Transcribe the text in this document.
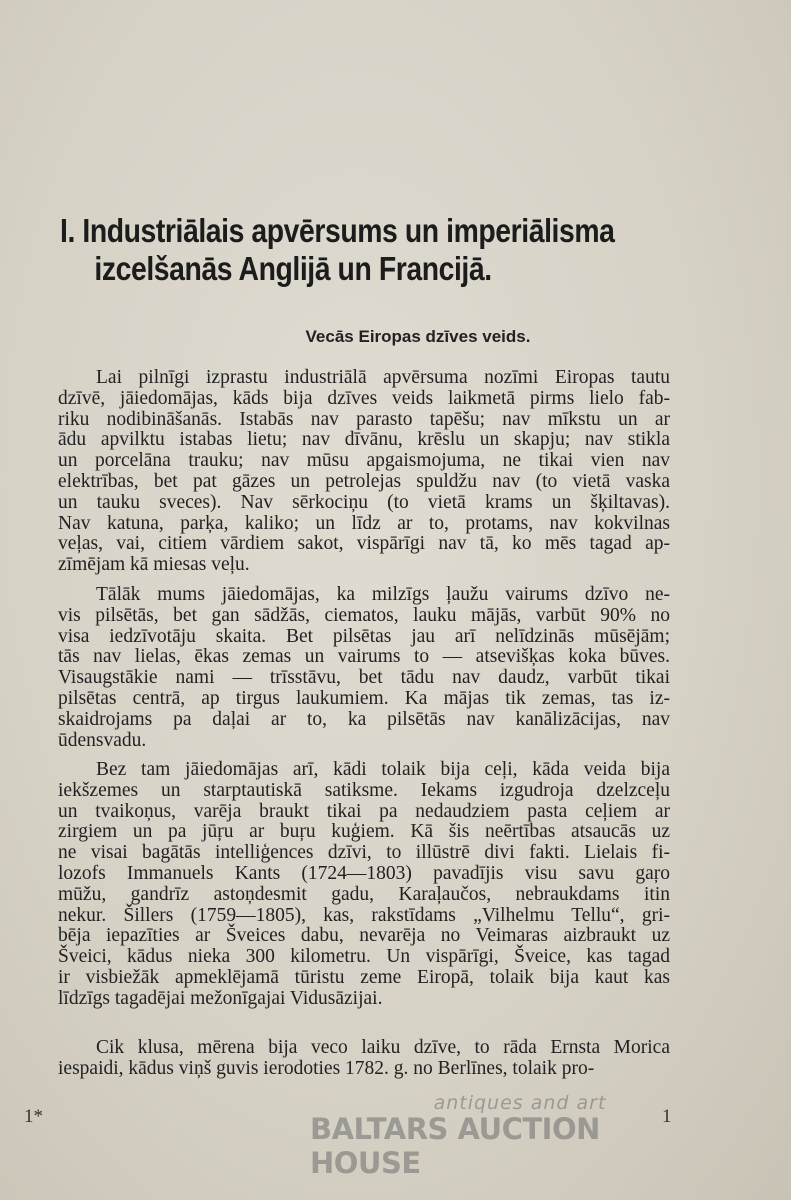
I. Industriālais apvērsums un imperiālisma
izcelšanās Anglijā un Francijā.
Vecās Eiropas dzīves veids.
Lai pilnīgi izprastu industriālā apvērsuma nozīmi Eiropas tautu
dzīvē, jāiedomājas, kāds bija dzīves veids laikmetā pirms lielo fab-
riku nodibināšanās. Istabās nav parasto tapēšu; nav mīkstu un ar
ādu apvilktu istabas lietu; nav dīvānu, krēslu un skapju; nav stikla
un porcelāna trauku; nav mūsu apgaismojuma, ne tikai vien nav
elektrības, bet pat gāzes un petrolejas spuldžu nav (to vietā vaska
un tauku sveces). Nav sērkociņu (to vietā krams un šķiltavas).
Nav katuna, parķa, kaliko; un līdz ar to, protams, nav kokvilnas
veļas, vai, citiem vārdiem sakot, vispārīgi nav tā, ko mēs tagad ap-
zīmējam kā miesas veļu.
Tālāk mums jāiedomājas, ka milzīgs ļaužu vairums dzīvo ne-
vis pilsētās, bet gan sādžās, ciematos, lauku mājās, varbūt 90% no
visa iedzīvotāju skaita. Bet pilsētas jau arī nelīdzinās mūsējām;
tās nav lielas, ēkas zemas un vairums to — atsevišķas koka būves.
Visaugstākie nami — trīsstāvu, bet tādu nav daudz, varbūt tikai
pilsētas centrā, ap tirgus laukumiem. Ka mājas tik zemas, tas iz-
skaidrojams pa daļai ar to, ka pilsētās nav kanālizācijas, nav
ūdensvadu.
Bez tam jāiedomājas arī, kādi tolaik bija ceļi, kāda veida bija
iekšzemes un starptautiskā satiksme. Iekams izgudroja dzelzceļu
un tvaikoņus, varēja braukt tikai pa nedaudziem pasta ceļiem ar
zirgiem un pa jūŗu ar buŗu kuģiem. Kā šis neērtības atsaucās uz
ne visai bagātās intelliģences dzīvi, to illūstrē divi fakti. Lielais fi-
lozofs Immanuels Kants (1724—1803) pavadījis visu savu gaŗo
mūžu, gandrīz astoņdesmit gadu, Karaļaučos, nebraukdams itin
nekur. Šillers (1759—1805), kas, rakstīdams „Vilhelmu Tellu“, gri-
bēja iepazīties ar Šveices dabu, nevarēja no Veimaras aizbraukt uz
Šveici, kādus nieka 300 kilometru. Un vispārīgi, Šveice, kas tagad
ir visbiežāk apmeklējamā tūristu zeme Eiropā, tolaik bija kaut kas
līdzīgs tagadējai mežonīgajai Vidusāzijai.
Cik klusa, mērena bija veco laiku dzīve, to rāda Ernsta Morica
iespaidi, kādus viņš guvis ierodoties 1782. g. no Berlīnes, tolaik pro-
1*	1
antiques and art
BALTARS AUCTION HOUSE
